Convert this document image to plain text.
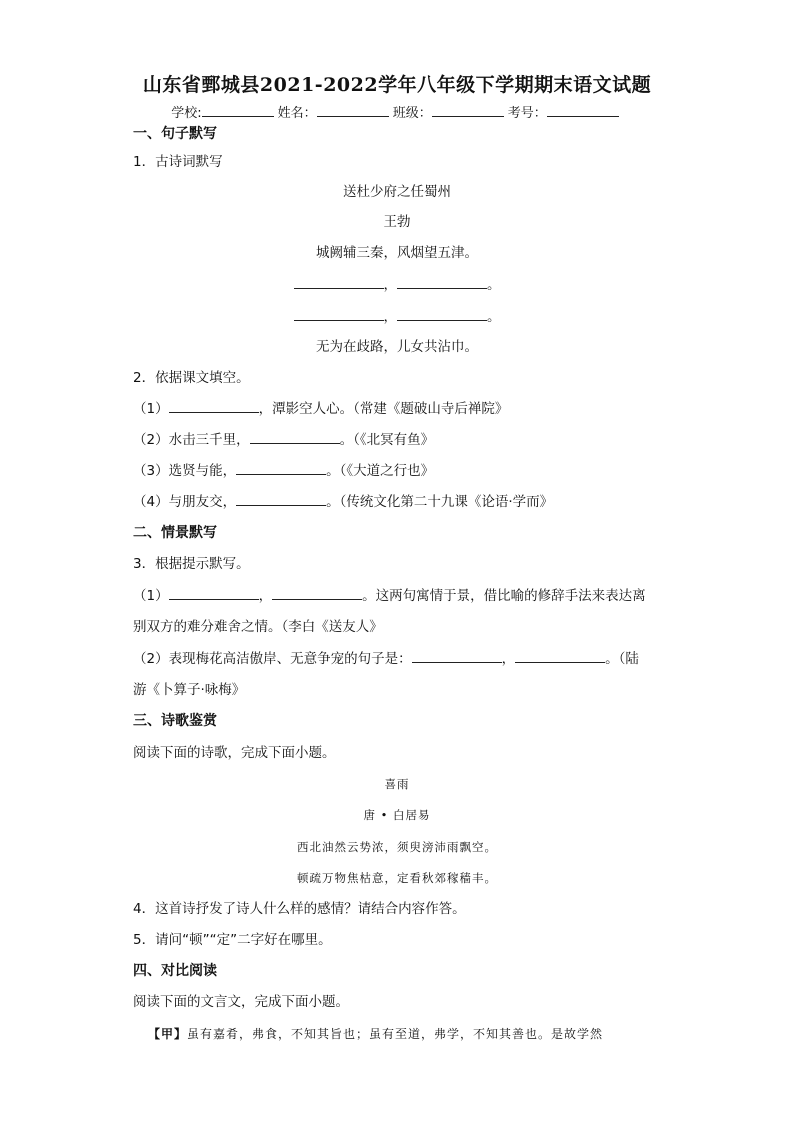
山东省鄄城县2021-2022学年八年级下学期期末语文试题
学校:	姓名：	班级：	考号：
一、句子默写
1．古诗词默写
送杜少府之任蜀州
王勃
城阙辅三秦，风烟望五津。
，	。
，	。
无为在歧路，儿女共沾巾。
2．依据课文填空。
（1）	，潭影空人心。（常建《题破山寺后禅院》
（2）水击三千里，	。（《北冥有鱼》
（3）选贤与能，	。（《大道之行也》
（4）与朋友交，	。（传统文化第二十九课《论语·学而》
二、情景默写
3．根据提示默写。
（1）	，	。这两句寓情于景，借比喻的修辞手法来表达离
别双方的难分难舍之情。（李白《送友人》
（2）表现梅花高洁傲岸、无意争宠的句子是：	，	。（陆
游《卜算子·咏梅》
三、诗歌鉴赏
阅读下面的诗歌，完成下面小题。
喜雨
唐 • 白居易
西北油然云势浓，须臾滂沛雨飘空。
顿疏万物焦枯意，定看秋郊稼穑丰。
4．这首诗抒发了诗人什么样的感情？请结合内容作答。
5．请问“顿”“定”二字好在哪里。
四、对比阅读
阅读下面的文言文，完成下面小题。
【甲】虽有嘉肴，弗食，不知其旨也；虽有至道，弗学，不知其善也。是故学然
